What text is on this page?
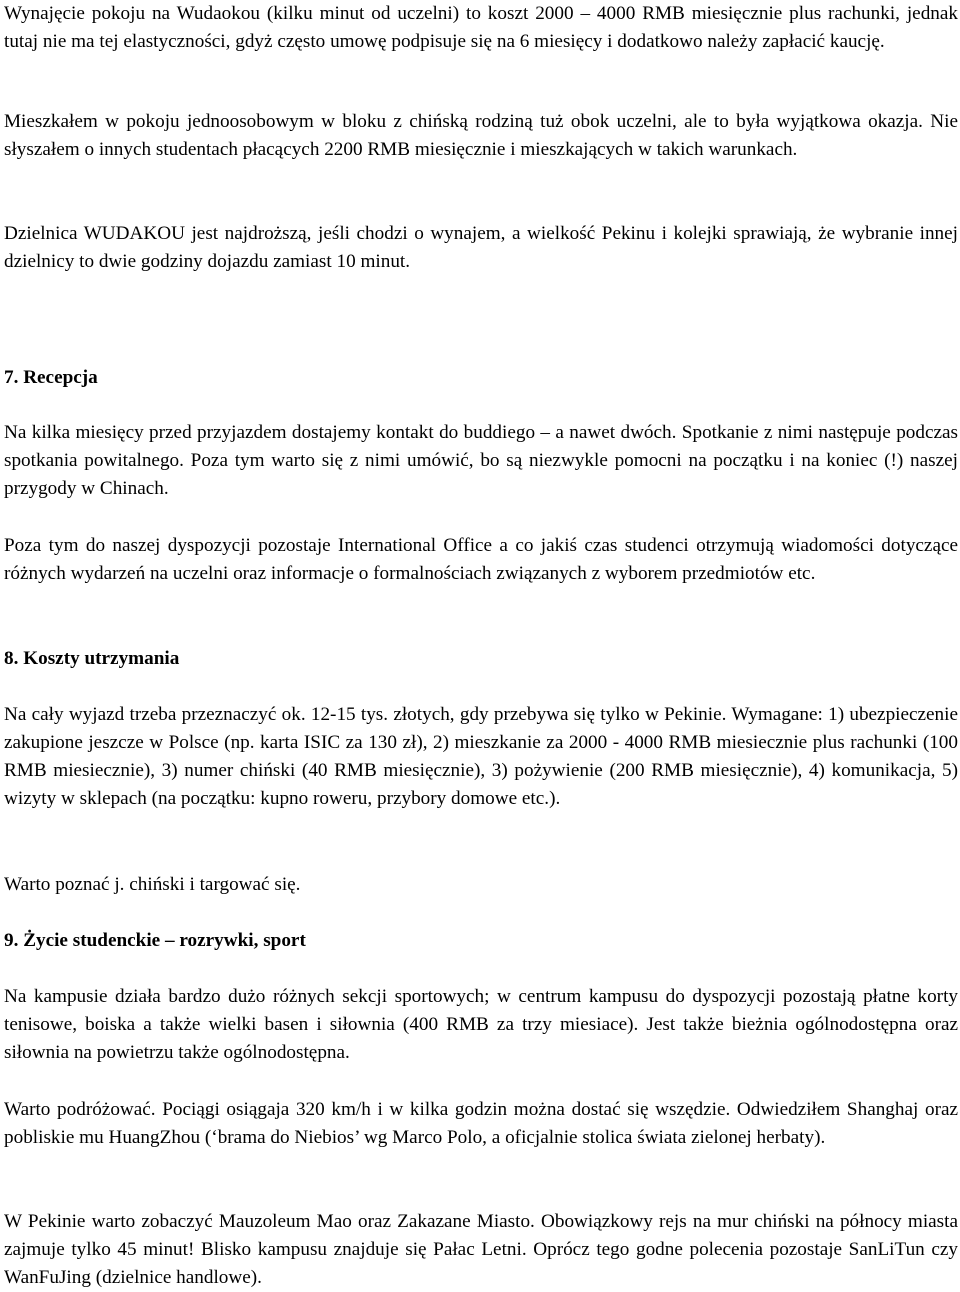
Wynajęcie pokoju na Wudaokou (kilku minut od uczelni) to koszt 2000 – 4000 RMB miesięcznie plus rachunki, jednak tutaj nie ma tej elastyczności, gdyż często umowę podpisuje się na 6 miesięcy i dodatkowo należy zapłacić kaucję.

Mieszkałem w pokoju jednoosobowym w bloku z chińską rodziną tuż obok uczelni, ale to była wyjątkowa okazja. Nie słyszałem o innych studentach płacących 2200 RMB miesięcznie i mieszkających w takich warunkach.

Dzielnica WUDAKOU jest najdroższą, jeśli chodzi o wynajem, a wielkość Pekinu i kolejki sprawiają, że wybranie innej dzielnicy to dwie godziny dojazdu zamiast 10 minut.

7. Recepcja

Na kilka miesięcy przed przyjazdem dostajemy kontakt do buddiego – a nawet dwóch. Spotkanie z nimi następuje podczas spotkania powitalnego. Poza tym warto się z nimi umówić, bo są niezwykle pomocni na początku i na koniec (!) naszej przygody w Chinach.

Poza tym do naszej dyspozycji pozostaje International Office a co jakiś czas studenci otrzymują wiadomości dotyczące różnych wydarzeń na uczelni oraz informacje o formalnościach związanych z wyborem przedmiotów etc.

8. Koszty utrzymania

Na cały wyjazd trzeba przeznaczyć ok. 12-15 tys. złotych, gdy przebywa się tylko w Pekinie. Wymagane: 1) ubezpieczenie zakupione jeszcze w Polsce (np. karta ISIC za 130 zł), 2) mieszkanie za 2000 - 4000 RMB miesiecznie plus rachunki (100 RMB miesiecznie), 3) numer chiński (40 RMB miesięcznie), 3) pożywienie (200 RMB miesięcznie), 4) komunikacja, 5) wizyty w sklepach (na początku: kupno roweru, przybory domowe etc.).

Warto poznać j. chiński i targować się.

9. Życie studenckie – rozrywki, sport

Na kampusie działa bardzo dużo różnych sekcji sportowych; w centrum kampusu do dyspozycji pozostają płatne korty tenisowe, boiska a także wielki basen i siłownia (400 RMB za trzy miesiace). Jest także bieżnia ogólnodostępna oraz siłownia na powietrzu także ogólnodostępna.

Warto podróżować. Pociągi osiągaja 320 km/h i w kilka godzin można dostać się wszędzie. Odwiedziłem Shanghaj oraz pobliskie mu HuangZhou (‘brama do Niebios’ wg Marco Polo, a oficjalnie stolica świata zielonej herbaty).

W Pekinie warto zobaczyć Mauzoleum Mao oraz Zakazane Miasto. Obowiązkowy rejs na mur chiński na północy miasta zajmuje tylko 45 minut! Blisko kampusu znajduje się Pałac Letni. Oprócz tego godne polecenia pozostaje SanLiTun czy WanFuJing (dzielnice handlowe).
